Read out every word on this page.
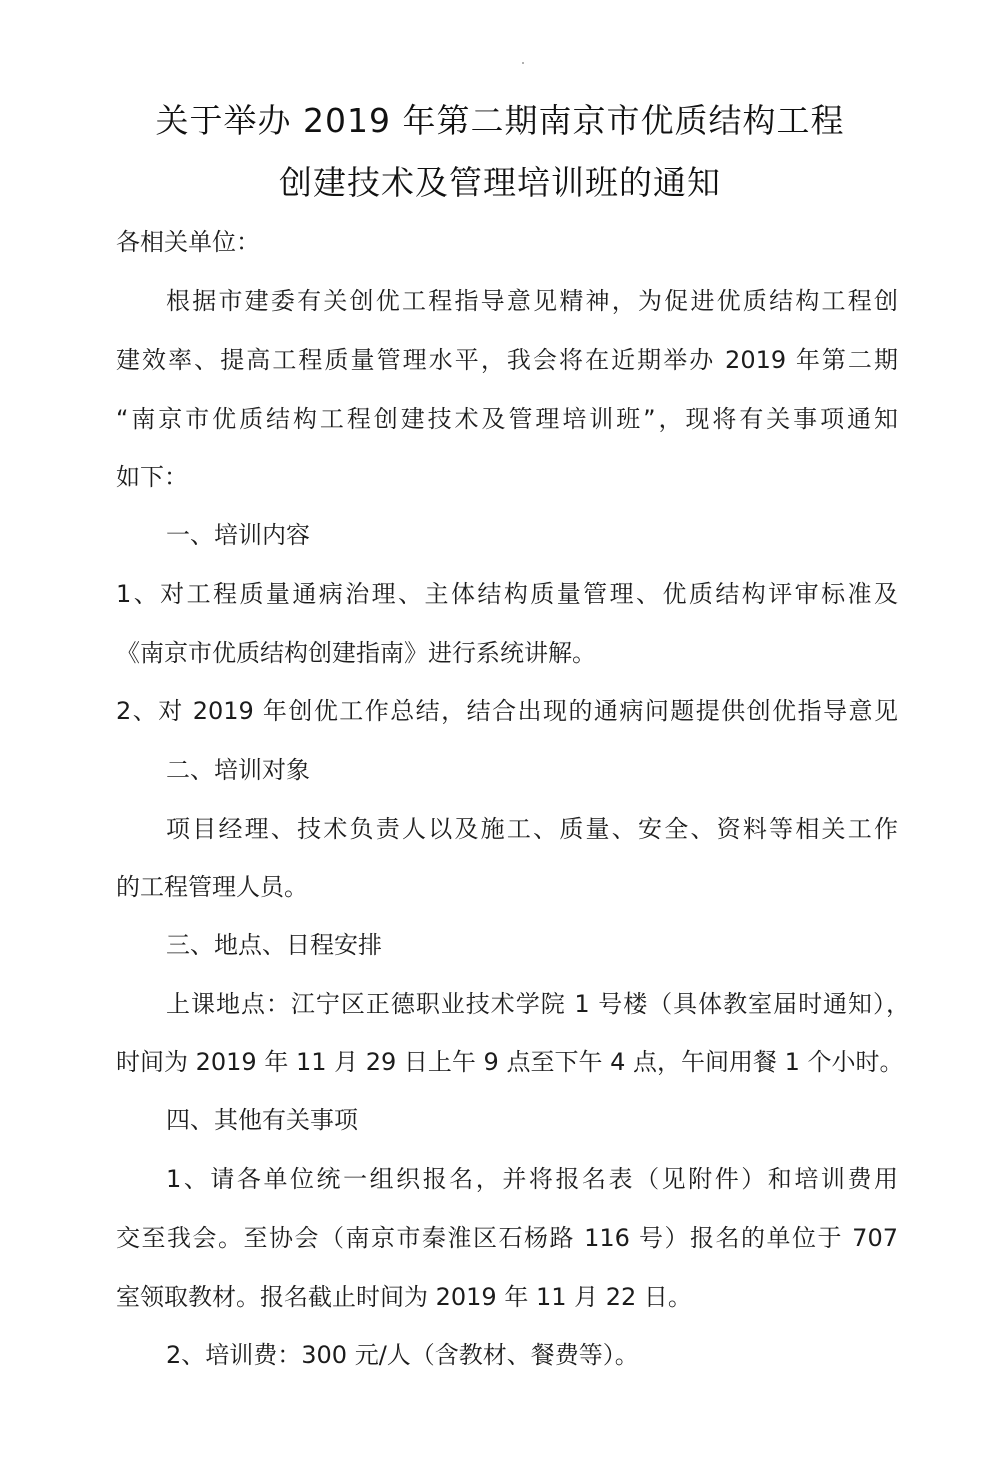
关于举办 2019 年第二期南京市优质结构工程
创建技术及管理培训班的通知
各相关单位：
根据市建委有关创优工程指导意见精神，为促进优质结构工程创
建效率、提高工程质量管理水平，我会将在近期举办 2019 年第二期
“南京市优质结构工程创建技术及管理培训班”，现将有关事项通知
如下：
一、培训内容
1、对工程质量通病治理、主体结构质量管理、优质结构评审标准及
《南京市优质结构创建指南》进行系统讲解。
2、对 2019 年创优工作总结，结合出现的通病问题提供创优指导意见
二、培训对象
项目经理、技术负责人以及施工、质量、安全、资料等相关工作
的工程管理人员。
三、地点、日程安排
上课地点：江宁区正德职业技术学院 1 号楼（具体教室届时通知），
时间为 2019 年 11 月 29 日上午 9 点至下午 4 点，午间用餐 1 个小时。
四、其他有关事项
1、请各单位统一组织报名，并将报名表（见附件）和培训费用
交至我会。至协会（南京市秦淮区石杨路 116 号）报名的单位于 707
室领取教材。报名截止时间为 2019 年 11 月 22 日。
2、培训费：300 元/人（含教材、餐费等）。
